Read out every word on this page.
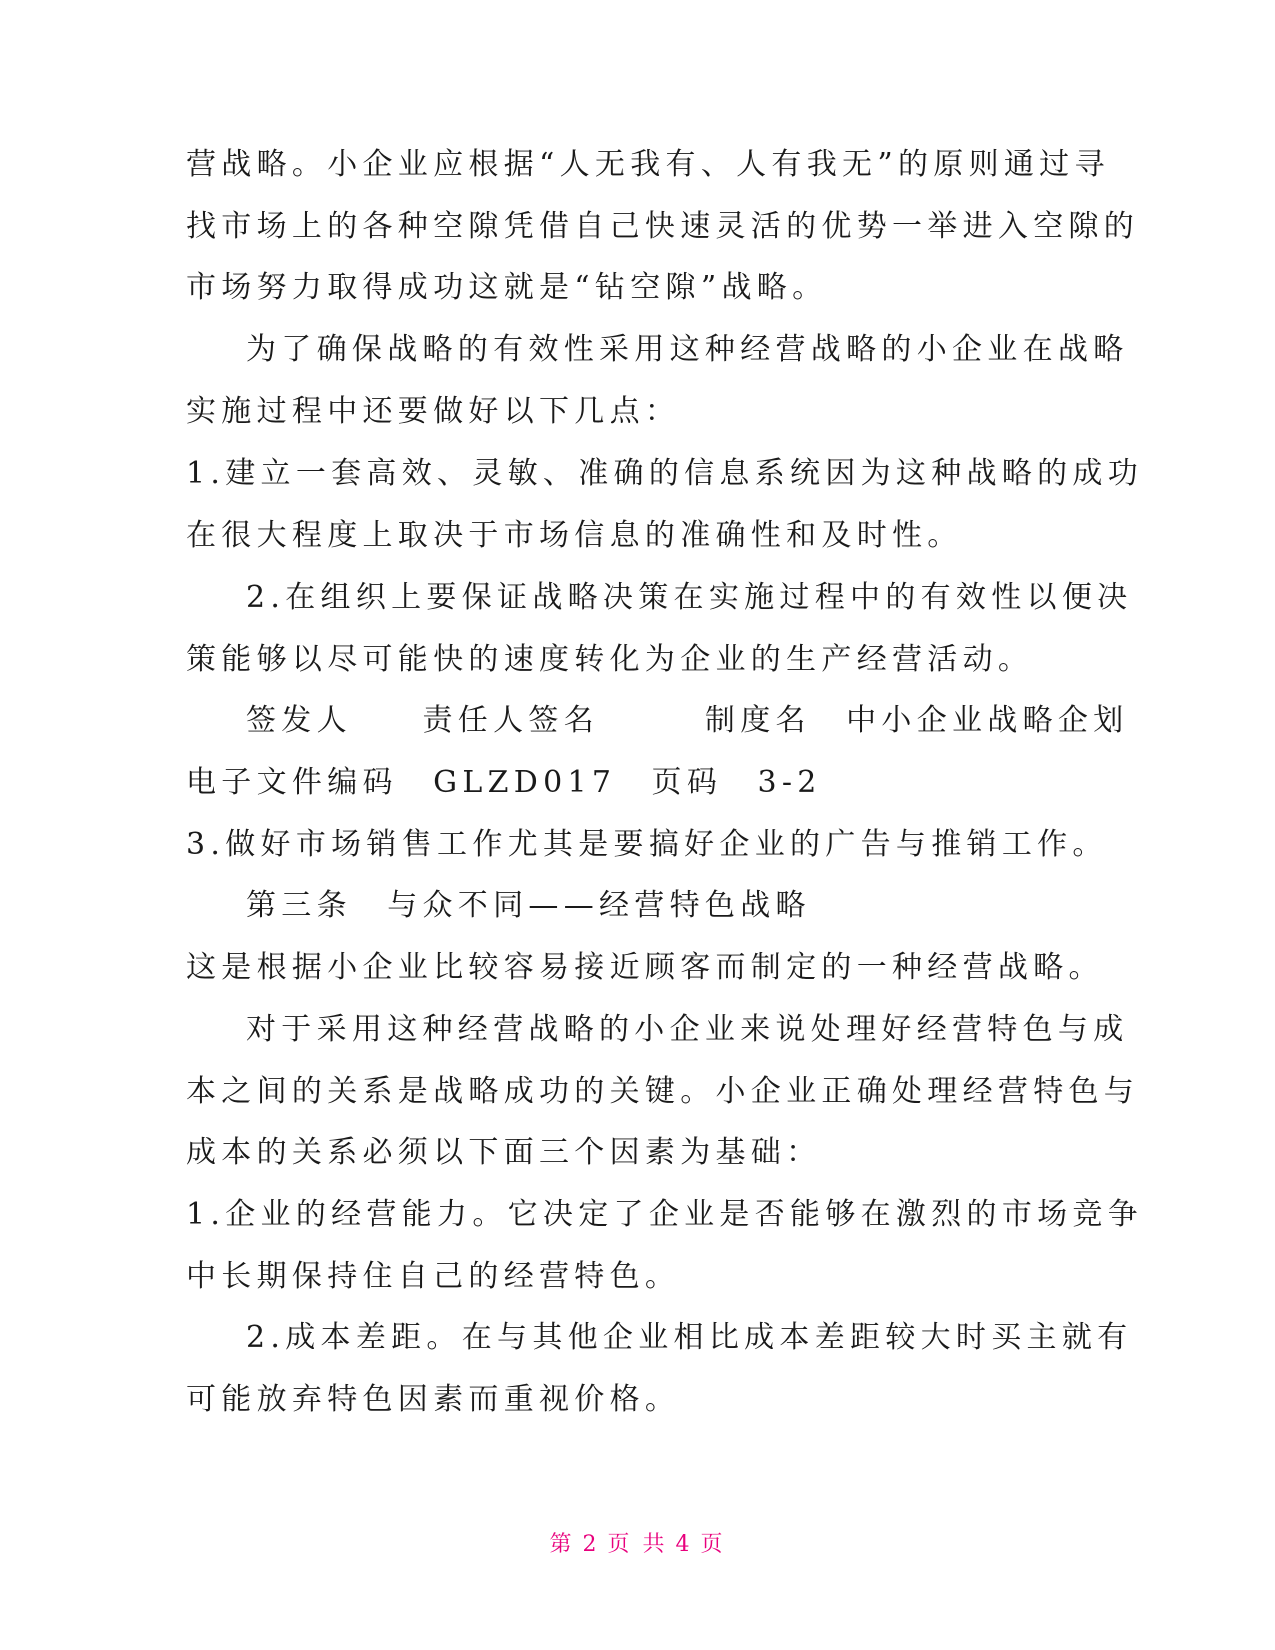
营战略。小企业应根据“人无我有、人有我无”的原则通过寻
找市场上的各种空隙凭借自己快速灵活的优势一举进入空隙的
市场努力取得成功这就是“钻空隙”战略。
为了确保战略的有效性采用这种经营战略的小企业在战略
实施过程中还要做好以下几点：
1.建立一套高效、灵敏、准确的信息系统因为这种战略的成功
在很大程度上取决于市场信息的准确性和及时性。
2.在组织上要保证战略决策在实施过程中的有效性以便决
策能够以尽可能快的速度转化为企业的生产经营活动。
签发人　　责任人签名　　　制度名　中小企业战略企划
电子文件编码　GLZD017　页码　3-2
3.做好市场销售工作尤其是要搞好企业的广告与推销工作。
第三条　与众不同——经营特色战略
这是根据小企业比较容易接近顾客而制定的一种经营战略。
对于采用这种经营战略的小企业来说处理好经营特色与成
本之间的关系是战略成功的关键。小企业正确处理经营特色与
成本的关系必须以下面三个因素为基础：
1.企业的经营能力。它决定了企业是否能够在激烈的市场竞争
中长期保持住自己的经营特色。
2.成本差距。在与其他企业相比成本差距较大时买主就有
可能放弃特色因素而重视价格。
第 2 页 共 4 页
